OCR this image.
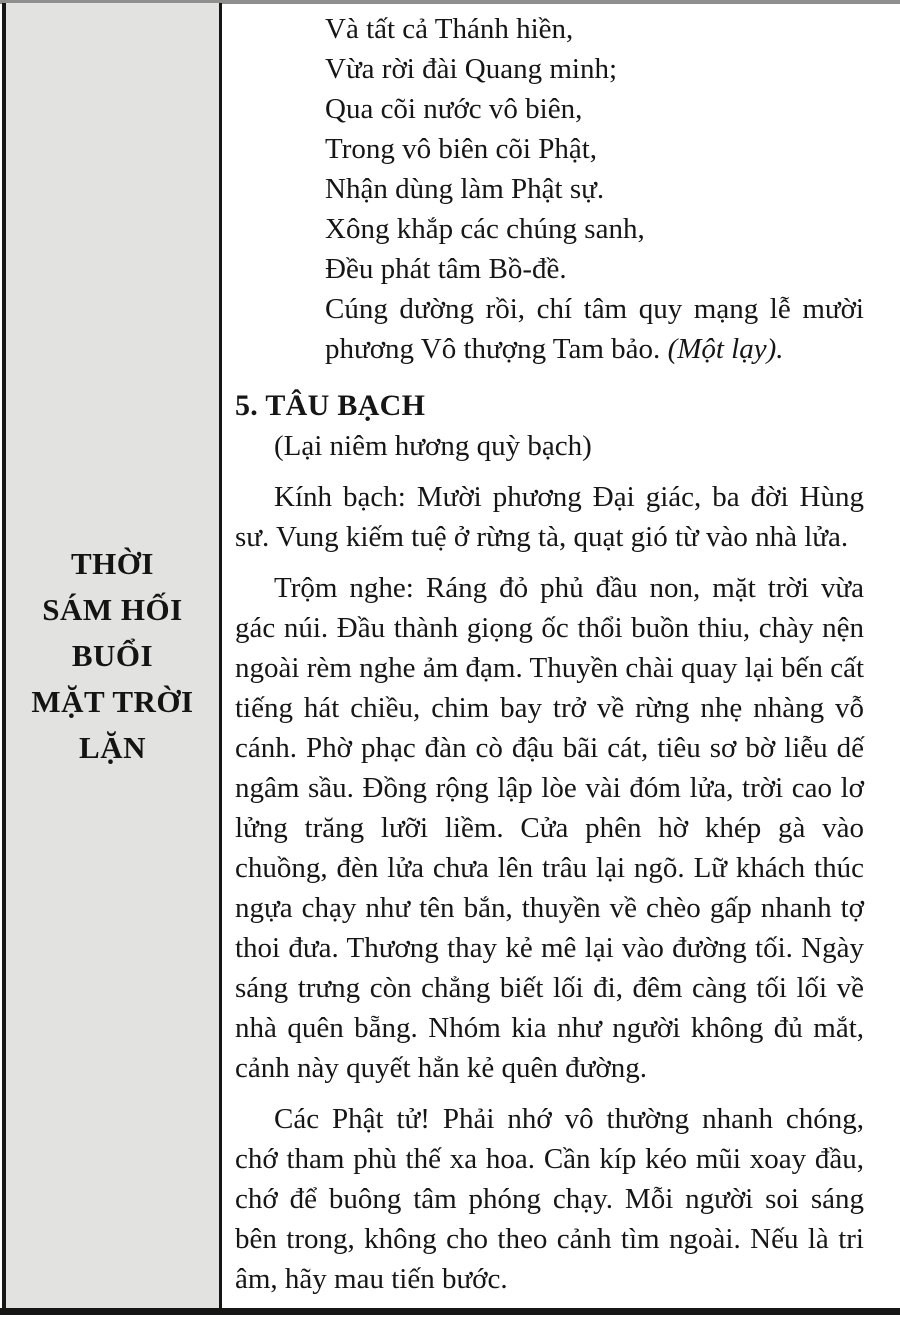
THỜI
SÁM HỐI
BUỔI
MẶT TRỜI
LẶN
Và tất cả Thánh hiền,
Vừa rời đài Quang minh;
Qua cõi nước vô biên,
Trong vô biên cõi Phật,
Nhận dùng làm Phật sự.
Xông khắp các chúng sanh,
Đều phát tâm Bồ-đề.

Cúng dường rồi, chí tâm quy mạng lễ mười phương Vô thượng Tam bảo. (Một lạy).

5. TÂU BẠCH

(Lại niêm hương quỳ bạch)

Kính bạch: Mười phương Đại giác, ba đời Hùng sư. Vung kiếm tuệ ở rừng tà, quạt gió từ vào nhà lửa.

Trộm nghe: Ráng đỏ phủ đầu non, mặt trời vừa gác núi. Đầu thành giọng ốc thổi buồn thiu, chày nện ngoài rèm nghe ảm đạm. Thuyền chài quay lại bến cất tiếng hát chiều, chim bay trở về rừng nhẹ nhàng vỗ cánh. Phờ phạc đàn cò đậu bãi cát, tiêu sơ bờ liễu dế ngâm sầu. Đồng rộng lập lòe vài đóm lửa, trời cao lơ lửng trăng lưỡi liềm. Cửa phên hờ khép gà vào chuồng, đèn lửa chưa lên trâu lại ngõ. Lữ khách thúc ngựa chạy như tên bắn, thuyền về chèo gấp nhanh tợ thoi đưa. Thương thay kẻ mê lại vào đường tối. Ngày sáng trưng còn chẳng biết lối đi, đêm càng tối lối về nhà quên bẵng. Nhóm kia như người không đủ mắt, cảnh này quyết hẳn kẻ quên đường.

Các Phật tử! Phải nhớ vô thường nhanh chóng, chớ tham phù thế xa hoa. Cần kíp kéo mũi xoay đầu, chớ để buông tâm phóng chạy. Mỗi người soi sáng bên trong, không cho theo cảnh tìm ngoài. Nếu là tri âm, hãy mau tiến bước.
